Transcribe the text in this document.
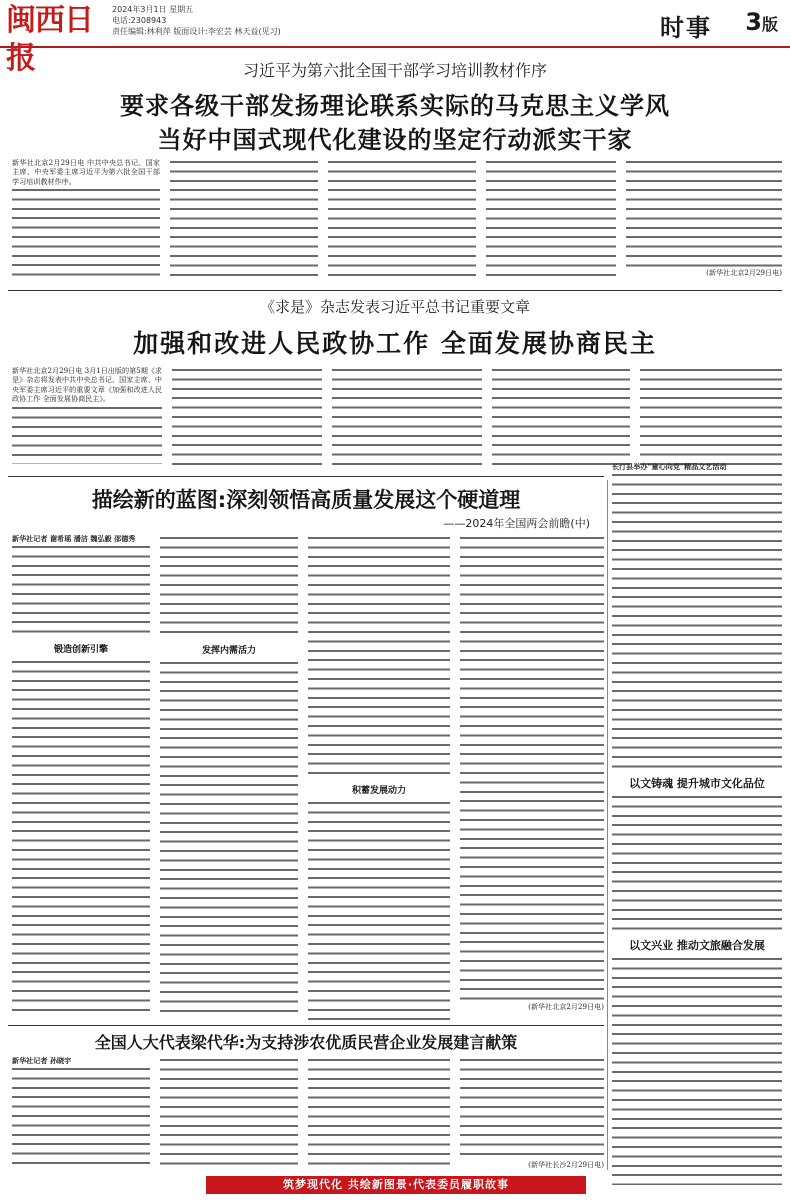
闽西日报
2024年3月1日 星期五
电话:2308943
责任编辑:林利萍 版面设计:李宏芸 林天益(见习)	时事 3版
习近平为第六批全国干部学习培训教材作序
要求各级干部发扬理论联系实际的马克思主义学风
当好中国式现代化建设的坚定行动派实干家
新华社北京2月29日电 中共中央总书记、国家主席、中央军委主席习近平为第六批全国干部学习培训教材作序。
(新华社北京2月29日电)
《求是》杂志发表习近平总书记重要文章
加强和改进人民政协工作 全面发展协商民主
新华社北京2月29日电 3月1日出版的第5期《求是》杂志将发表中共中央总书记、国家主席、中央军委主席习近平的重要文章《加强和改进人民政协工作 全面发展协商民主》。
描绘新的蓝图:深刻领悟高质量发展这个硬道理
——2024年全国两会前瞻(中)
新华社记者 谢希瑶 潘洁 魏弘毅 邵德秀
锻造创新引擎	发挥内需活力
积蓄发展动力
(新华社北京2月29日电)
全国人大代表梁代华:为支持涉农优质民营企业发展建言献策
新华社记者 孙晓宇
(新华社长沙2月29日电)
筑梦现代化 共绘新图景·代表委员履职故事
长汀县举办“童心向党”精品文艺活动
以文铸魂 提升城市文化品位
以文兴业 推动文旅融合发展
